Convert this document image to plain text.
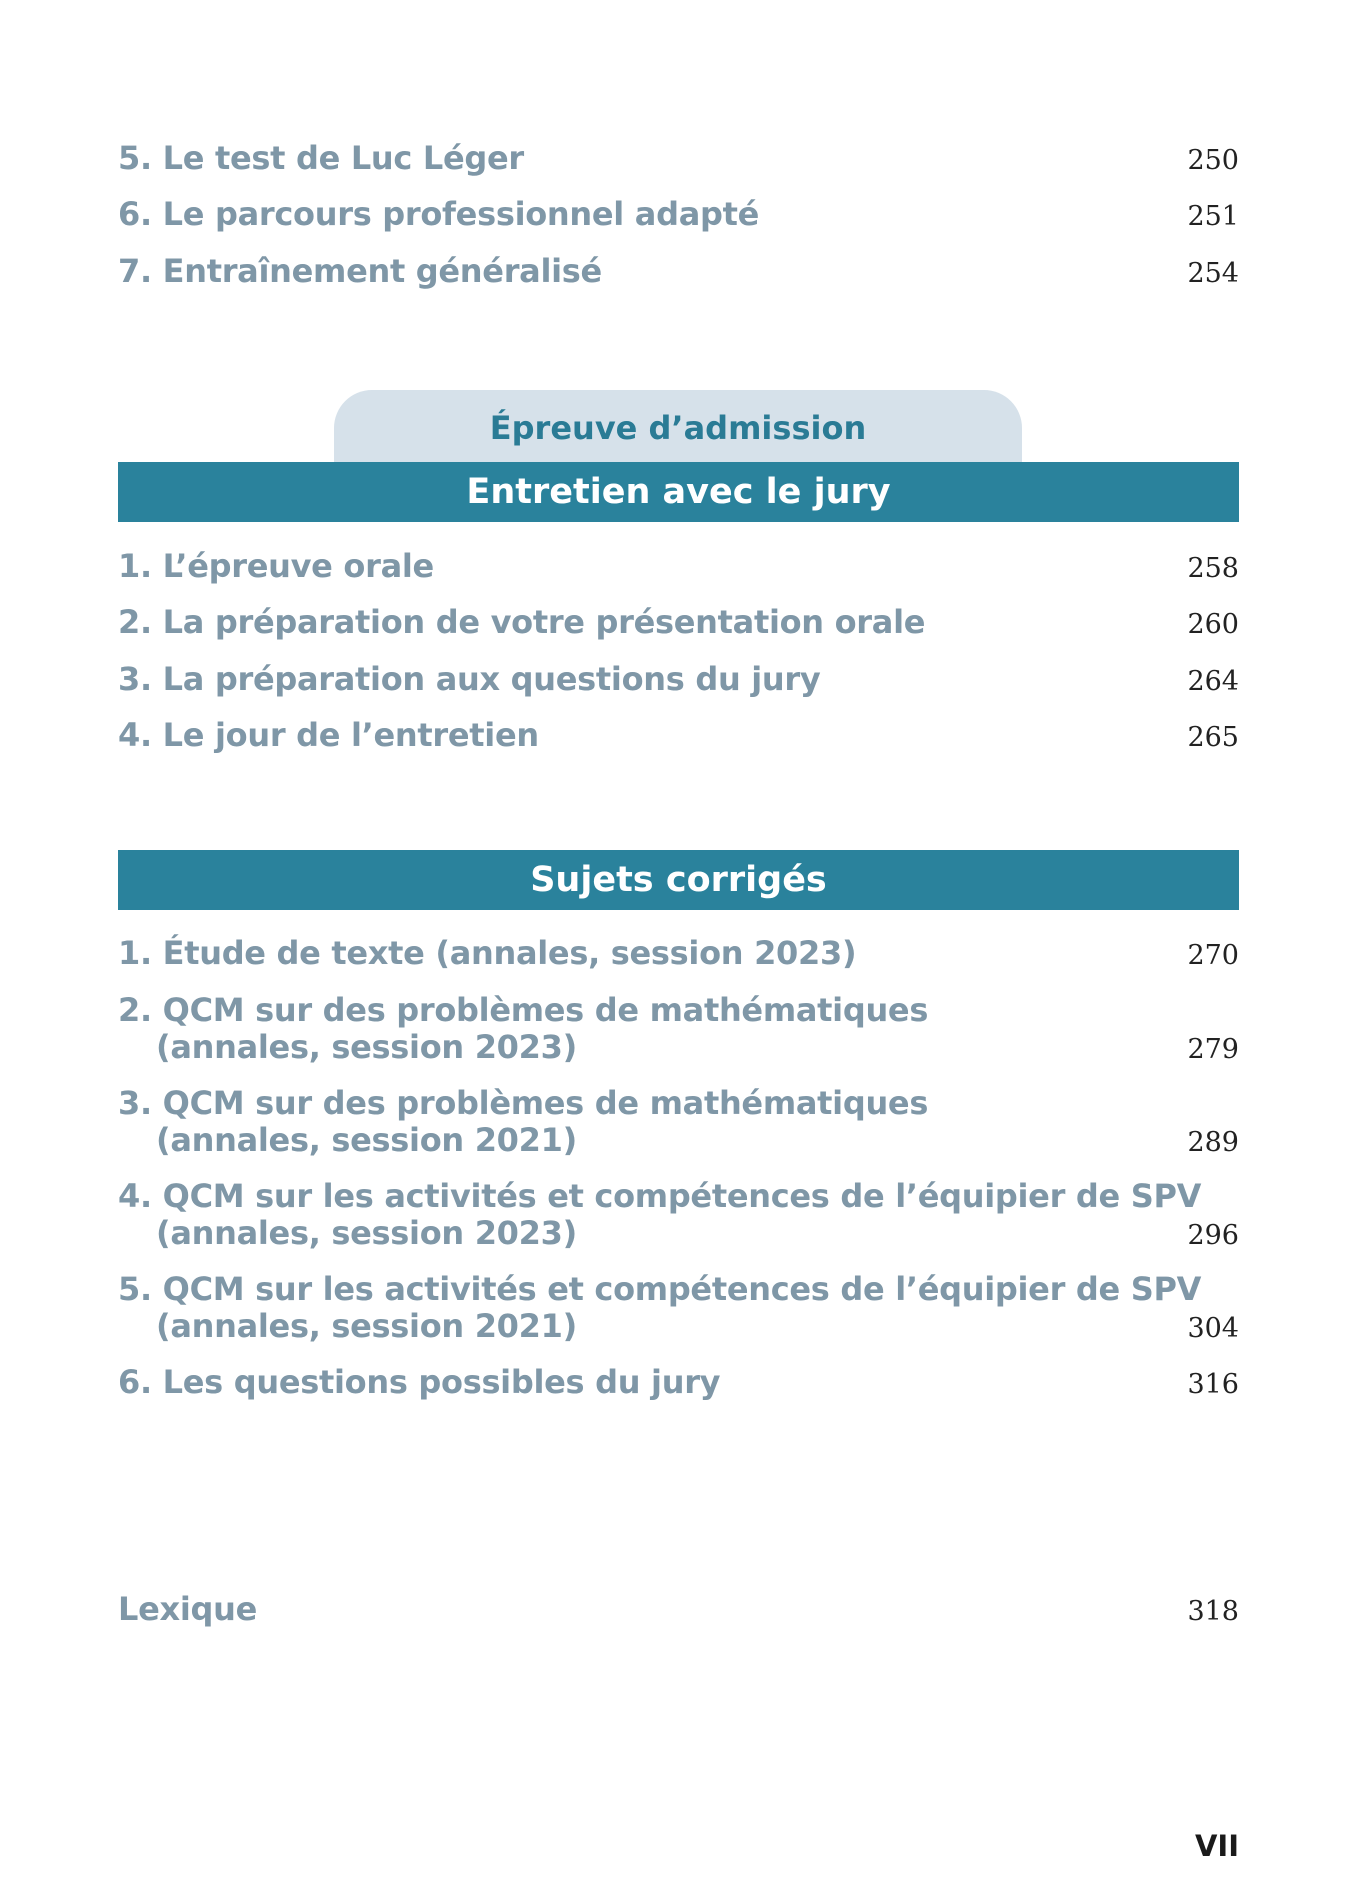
5. Le test de Luc Léger	250
6. Le parcours professionnel adapté	251
7. Entraînement généralisé	254
Épreuve d’admission
Entretien avec le jury
1. L’épreuve orale	258
2. La préparation de votre présentation orale	260
3. La préparation aux questions du jury	264
4. Le jour de l’entretien	265
Sujets corrigés
1. Étude de texte (annales, session 2023)	270
2. QCM sur des problèmes de mathématiques
(annales, session 2023)	279
3. QCM sur des problèmes de mathématiques
(annales, session 2021)	289
4. QCM sur les activités et compétences de l’équipier de SPV
(annales, session 2023)	296
5. QCM sur les activités et compétences de l’équipier de SPV
(annales, session 2021)	304
6. Les questions possibles du jury	316
Lexique	318
VII
